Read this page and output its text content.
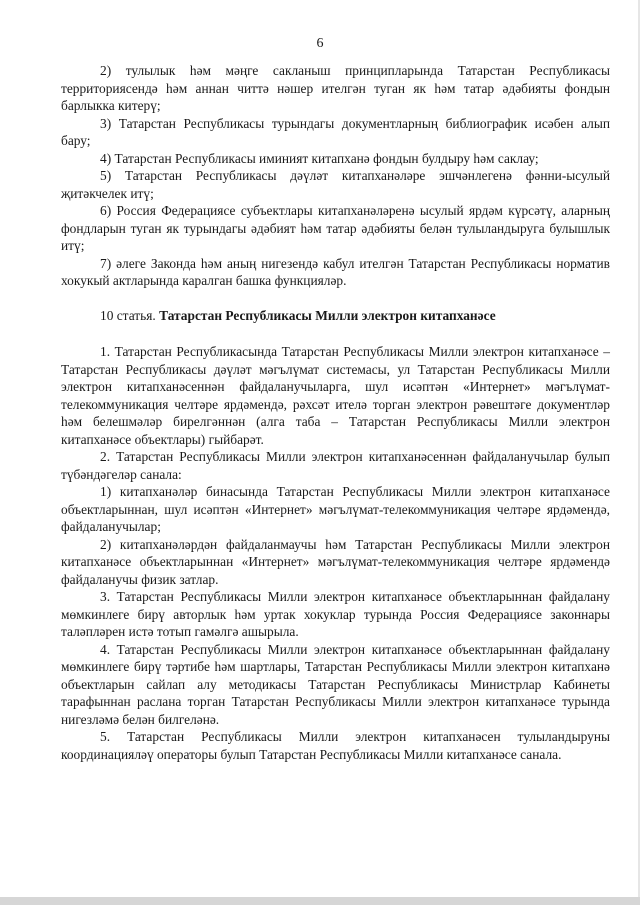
6

2) тулылык һәм мәңге сакланыш принципларында Татарстан Республикасы территориясендә һәм аннан читтә нәшер ителгән туган як һәм татар әдәбияты фондын барлыкка китерү;

3) Татарстан Республикасы турындагы документларның библиографик исәбен алып бару;

4) Татарстан Республикасы иминият китапханә фондын булдыру һәм саклау;

5) Татарстан Республикасы дәүләт китапханәләре эшчәнлегенә фәнни-ысулый җитәкчелек итү;

6) Россия Федерациясе субъектлары китапханәләренә ысулый ярдәм күрсәтү, аларның фондларын туган як турындагы әдәбият һәм татар әдәбияты белән тулыландыруга булышлык итү;

7) әлеге Законда һәм аның нигезендә кабул ителгән Татарстан Республикасы норматив хокукый актларында каралган башка функцияләр.

10 статья. Татарстан Республикасы Милли электрон китапханәсе

1. Татарстан Республикасында Татарстан Республикасы Милли электрон китапханәсе – Татарстан Республикасы дәүләт мәгълүмат системасы, ул Татарстан Республикасы Милли электрон китапханәсеннән файдаланучыларга, шул исәптән «Интернет» мәгълүмат-телекоммуникация челтәре ярдәмендә, рәхсәт ителә торган электрон рәвештәге документләр һәм белешмәләр бирелгәннән (алга таба – Татарстан Республикасы Милли электрон китапханәсе объектлары) гыйбарәт.

2. Татарстан Республикасы Милли электрон китапханәсеннән файдаланучылар булып түбәндәгеләр санала:

1) китапханәләр бинасында Татарстан Республикасы Милли электрон китапханәсе объектларыннан, шул исәптән «Интернет» мәгълүмат-телекоммуникация челтәре ярдәмендә, файдаланучылар;

2) китапханәләрдән файдаланмаучы һәм Татарстан Республикасы Милли электрон китапханәсе объектларыннан «Интернет» мәгълүмат-телекоммуникация челтәре ярдәмендә файдаланучы физик затлар.

3. Татарстан Республикасы Милли электрон китапханәсе объектларыннан файдалану мөмкинлеге бирү авторлык һәм уртак хокуклар турында Россия Федерациясе законнары таләпләрен истә тотып гамәлгә ашырыла.

4. Татарстан Республикасы Милли электрон китапханәсе объектларыннан файдалану мөмкинлеге бирү тәртибе һәм шартлары, Татарстан Республикасы Милли электрон китапханә объектларын сайлап алу методикасы Татарстан Республикасы Министрлар Кабинеты тарафыннан раслана торган Татарстан Республикасы Милли электрон китапханәсе турында нигезләмә белән билгеләнә.

5. Татарстан Республикасы Милли электрон китапханәсен тулыландыруны координацияләү операторы булып Татарстан Республикасы Милли китапханәсе санала.
